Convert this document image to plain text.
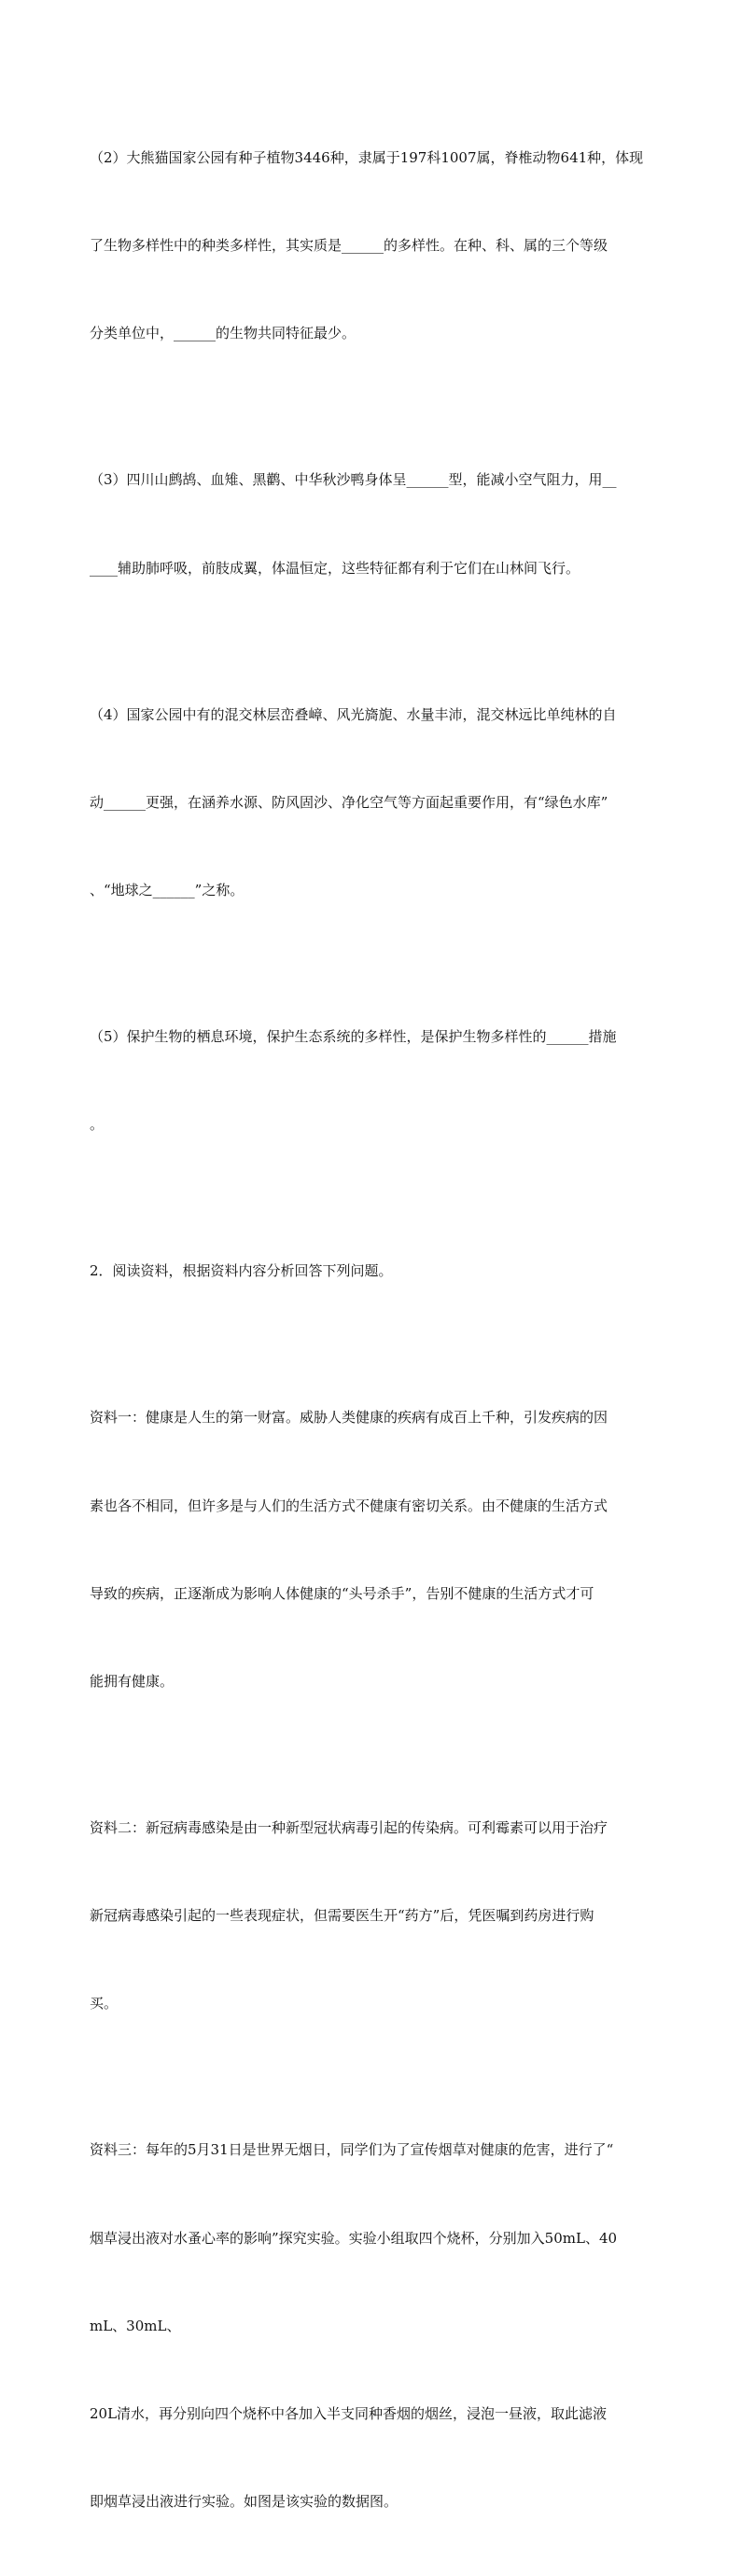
（2）大熊猫国家公园有种子植物3446种，隶属于197科1007属，脊椎动物641种，体现

了生物多样性中的种类多样性，其实质是______的多样性。在种、科、属的三个等级

分类单位中，______的生物共同特征最少。

（3）四川山鹧鸪、血雉、黑鹳、中华秋沙鸭身体呈______型，能减小空气阻力，用__

____辅助肺呼吸，前肢成翼，体温恒定，这些特征都有利于它们在山林间飞行。

（4）国家公园中有的混交林层峦叠嶂、风光旖旎、水量丰沛，混交林远比单纯林的自

动______更强，在涵养水源、防风固沙、净化空气等方面起重要作用，有“绿色水库”

、“地球之______”之称。

（5）保护生物的栖息环境，保护生态系统的多样性，是保护生物多样性的______措施

。

2．阅读资料，根据资料内容分析回答下列问题。

资料一：健康是人生的第一财富。威胁人类健康的疾病有成百上千种，引发疾病的因

素也各不相同，但许多是与人们的生活方式不健康有密切关系。由不健康的生活方式

导致的疾病，正逐渐成为影响人体健康的“头号杀手”，告别不健康的生活方式才可

能拥有健康。

资料二：新冠病毒感染是由一种新型冠状病毒引起的传染病。可利霉素可以用于治疗

新冠病毒感染引起的一些表现症状，但需要医生开“药方”后，凭医嘱到药房进行购

买。

资料三：每年的5月31日是世界无烟日，同学们为了宣传烟草对健康的危害，进行了“

烟草浸出液对水蚤心率的影响”探究实验。实验小组取四个烧杯，分别加入50mL、40

mL、30mL、

20L清水，再分别向四个烧杯中各加入半支同种香烟的烟丝，浸泡一昼液，取此滤液

即烟草浸出液进行实验。如图是该实验的数据图。
